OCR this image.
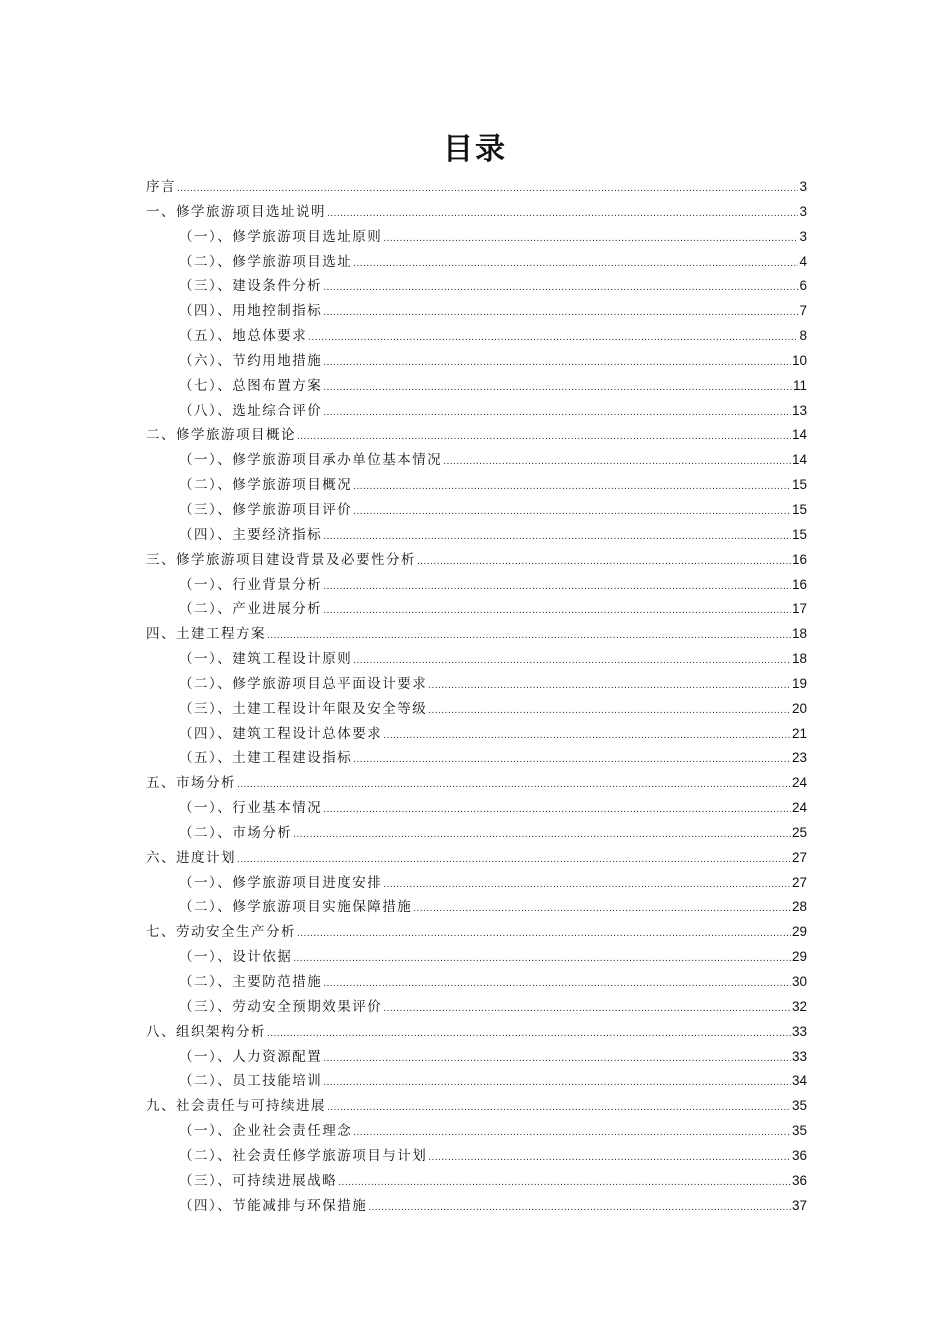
目录
序言 .....	3
一、修学旅游项目选址说明 .....	3
（一）、修学旅游项目选址原则 .....	3
（二）、修学旅游项目选址 .....	4
（三）、建设条件分析 .....	6
（四）、用地控制指标 .....	7
（五）、地总体要求 .....	8
（六）、节约用地措施 .....	10
（七）、总图布置方案 .....	11
（八）、选址综合评价 .....	13
二、修学旅游项目概论 .....	14
（一）、修学旅游项目承办单位基本情况 .....	14
（二）、修学旅游项目概况 .....	15
（三）、修学旅游项目评价 .....	15
（四）、主要经济指标 .....	15
三、修学旅游项目建设背景及必要性分析 .....	16
（一）、行业背景分析 .....	16
（二）、产业进展分析 .....	17
四、土建工程方案 .....	18
（一）、建筑工程设计原则 .....	18
（二）、修学旅游项目总平面设计要求 .....	19
（三）、土建工程设计年限及安全等级 .....	20
（四）、建筑工程设计总体要求 .....	21
（五）、土建工程建设指标 .....	23
五、市场分析 .....	24
（一）、行业基本情况 .....	24
（二）、市场分析 .....	25
六、进度计划 .....	27
（一）、修学旅游项目进度安排 .....	27
（二）、修学旅游项目实施保障措施 .....	28
七、劳动安全生产分析 .....	29
（一）、设计依据 .....	29
（二）、主要防范措施 .....	30
（三）、劳动安全预期效果评价 .....	32
八、组织架构分析 .....	33
（一）、人力资源配置 .....	33
（二）、员工技能培训 .....	34
九、社会责任与可持续进展 .....	35
（一）、企业社会责任理念 .....	35
（二）、社会责任修学旅游项目与计划 .....	36
（三）、可持续进展战略 .....	36
（四）、节能减排与环保措施 .....	37
